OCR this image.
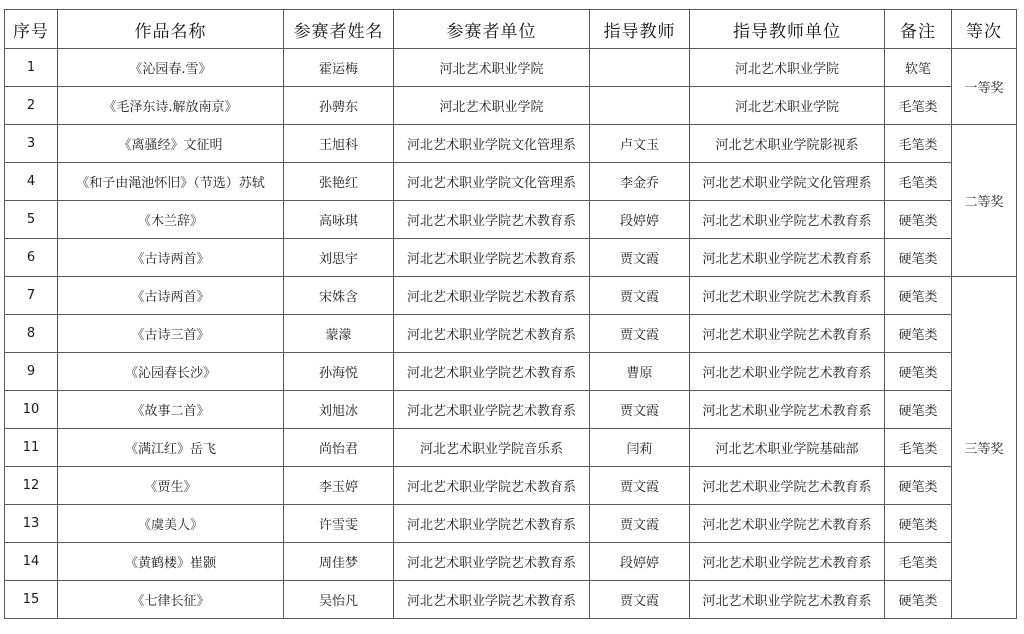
序号	作品名称	参赛者姓名	参赛者单位	指导教师	指导教师单位	备注	等次
1	《沁园春.雪》	霍运梅	河北艺术职业学院		河北艺术职业学院	软笔	一等奖
2	《毛泽东诗.解放南京》	孙骋东	河北艺术职业学院		河北艺术职业学院	毛笔类	
3	《离骚经》文征明	王旭科	河北艺术职业学院文化管理系	卢文玉	河北艺术职业学院影视系	毛笔类	二等奖
4	《和子由渑池怀旧》（节选）苏轼	张艳红	河北艺术职业学院文化管理系	李金乔	河北艺术职业学院文化管理系	毛笔类	
5	《木兰辞》	高咏琪	河北艺术职业学院艺术教育系	段婷婷	河北艺术职业学院艺术教育系	硬笔类	
6	《古诗两首》	刘思宇	河北艺术职业学院艺术教育系	贾文霞	河北艺术职业学院艺术教育系	硬笔类	
7	《古诗两首》	宋姝含	河北艺术职业学院艺术教育系	贾文霞	河北艺术职业学院艺术教育系	硬笔类	三等奖
8	《古诗三首》	蒙濛	河北艺术职业学院艺术教育系	贾文霞	河北艺术职业学院艺术教育系	硬笔类	
9	《沁园春长沙》	孙海悦	河北艺术职业学院艺术教育系	曹原	河北艺术职业学院艺术教育系	硬笔类	
10	《故事二首》	刘旭冰	河北艺术职业学院艺术教育系	贾文霞	河北艺术职业学院艺术教育系	硬笔类	
11	《满江红》岳飞	尚怡君	河北艺术职业学院音乐系	闫莉	河北艺术职业学院基础部	毛笔类	
12	《贾生》	李玉婷	河北艺术职业学院艺术教育系	贾文霞	河北艺术职业学院艺术教育系	硬笔类	
13	《虞美人》	许雪雯	河北艺术职业学院艺术教育系	贾文霞	河北艺术职业学院艺术教育系	硬笔类	
14	《黄鹤楼》崔颢	周佳梦	河北艺术职业学院艺术教育系	段婷婷	河北艺术职业学院艺术教育系	毛笔类	
15	《七律长征》	吴怡凡	河北艺术职业学院艺术教育系	贾文霞	河北艺术职业学院艺术教育系	硬笔类	
